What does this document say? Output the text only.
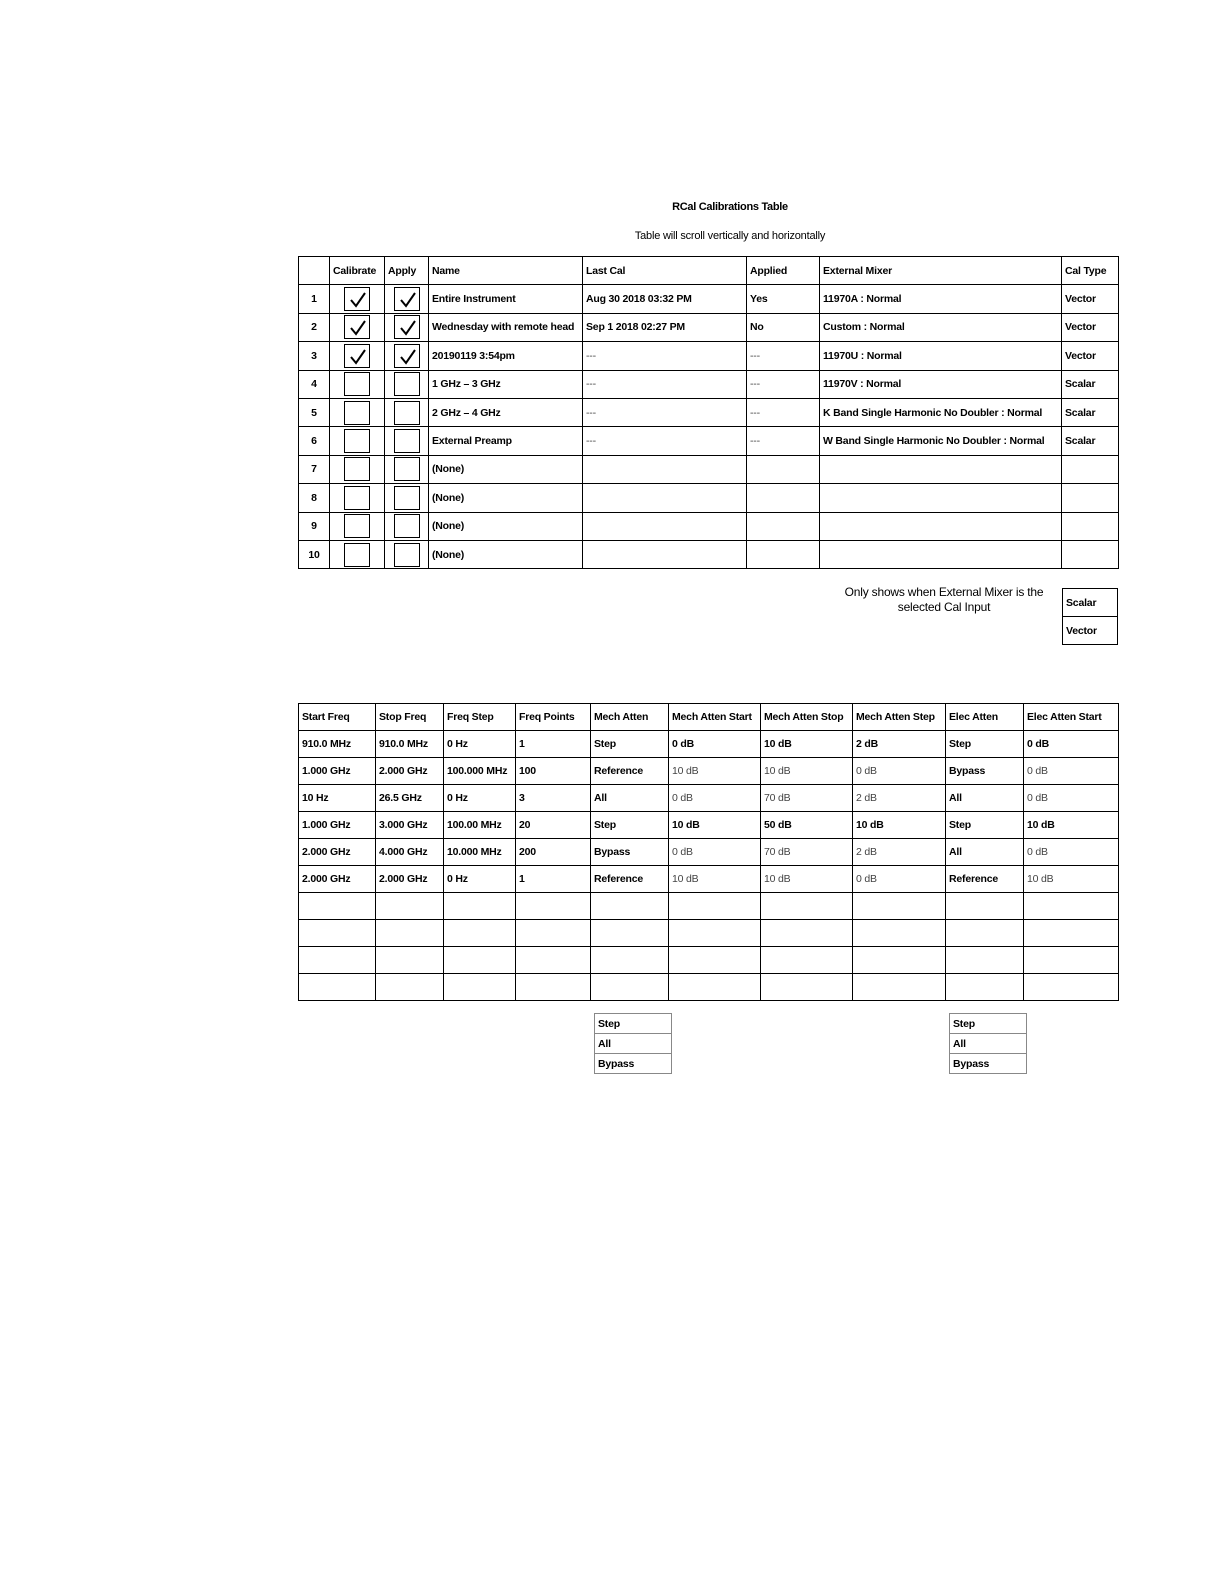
RCal Calibrations Table
Table will scroll vertically and horizontally
	Calibrate	Apply	Name	Last Cal	Applied	External Mixer	Cal Type
1			Entire Instrument	Aug 30 2018 03:32 PM	Yes	11970A : Normal	Vector
2			Wednesday with remote head	Sep 1 2018 02:27 PM	No	Custom : Normal	Vector
3			20190119 3:54pm	---	---	11970U : Normal	Vector
4			1 GHz – 3 GHz	---	---	11970V : Normal	Scalar
5			2 GHz – 4 GHz	---	---	K Band Single Harmonic No Doubler : Normal	Scalar
6			External Preamp	---	---	W Band Single Harmonic No Doubler : Normal	Scalar
7			(None)				
8			(None)				
9			(None)				
10			(None)				
Only shows when External Mixer is the selected Cal Input	Scalar
Vector
Start Freq	Stop Freq	Freq Step	Freq Points	Mech Atten	Mech Atten Start	Mech Atten Stop	Mech Atten Step	Elec Atten	Elec Atten Start
910.0 MHz	910.0 MHz	0 Hz	1	Step	0 dB	10 dB	2 dB	Step	0 dB
1.000 GHz	2.000 GHz	100.000 MHz	100	Reference	10 dB	10 dB	0 dB	Bypass	0 dB
10 Hz	26.5 GHz	0 Hz	3	All	0 dB	70 dB	2 dB	All	0 dB
1.000 GHz	3.000 GHz	100.00 MHz	20	Step	10 dB	50 dB	10 dB	Step	10 dB
2.000 GHz	4.000 GHz	10.000 MHz	200	Bypass	0 dB	70 dB	2 dB	All	0 dB
2.000 GHz	2.000 GHz	0 Hz	1	Reference	10 dB	10 dB	0 dB	Reference	10 dB

Step
All
Bypass
Step
All
Bypass
